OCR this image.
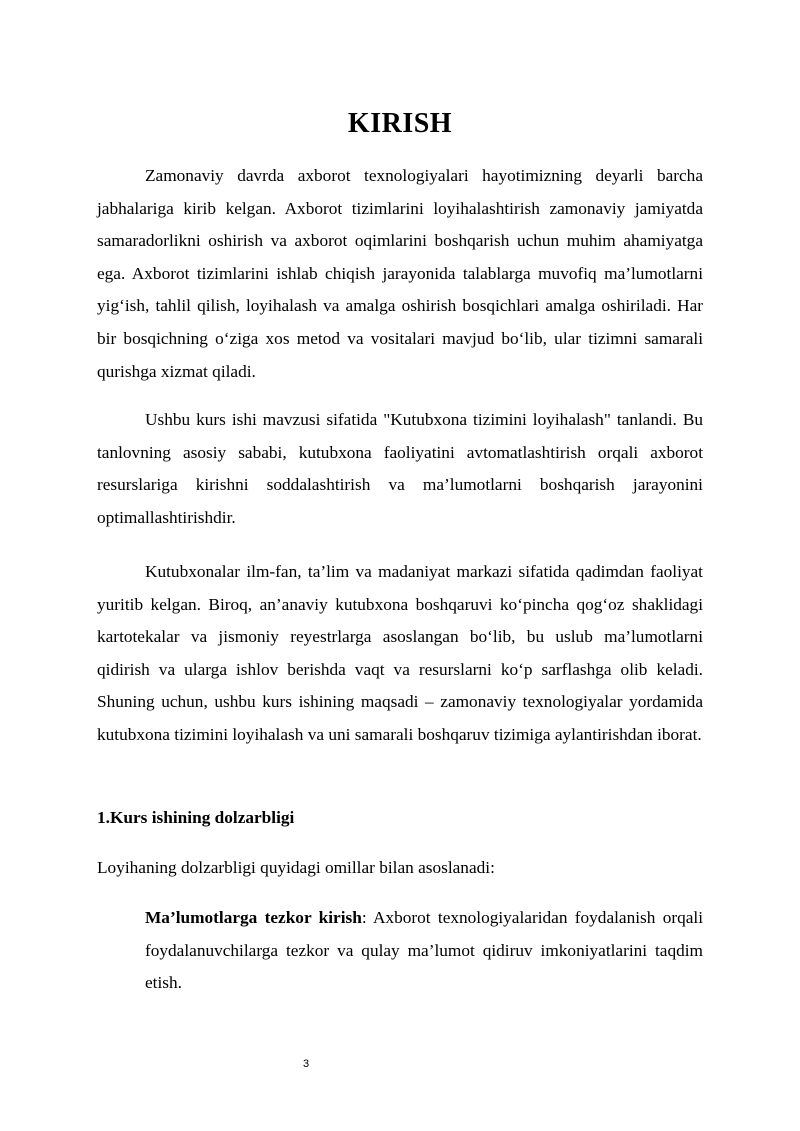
KIRISH

Zamonaviy davrda axborot texnologiyalari hayotimizning deyarli barcha jabhalariga kirib kelgan. Axborot tizimlarini loyihalashtirish zamonaviy jamiyatda samaradorlikni oshirish va axborot oqimlarini boshqarish uchun muhim ahamiyatga ega. Axborot tizimlarini ishlab chiqish jarayonida talablarga muvofiq ma’lumotlarni yig‘ish, tahlil qilish, loyihalash va amalga oshirish bosqichlari amalga oshiriladi. Har bir bosqichning o‘ziga xos metod va vositalari mavjud bo‘lib, ular tizimni samarali qurishga xizmat qiladi.

Ushbu kurs ishi mavzusi sifatida "Kutubxona tizimini loyihalash" tanlandi. Bu tanlovning asosiy sababi, kutubxona faoliyatini avtomatlashtirish orqali axborot resurslariga kirishni soddalashtirish va ma’lumotlarni boshqarish jarayonini optimallashtirishdir.

Kutubxonalar ilm-fan, ta’lim va madaniyat markazi sifatida qadimdan faoliyat yuritib kelgan. Biroq, an’anaviy kutubxona boshqaruvi ko‘pincha qog‘oz shaklidagi kartotekalar va jismoniy reyestrlarga asoslangan bo‘lib, bu uslub ma’lumotlarni qidirish va ularga ishlov berishda vaqt va resurslarni ko‘p sarflashga olib keladi. Shuning uchun, ushbu kurs ishining maqsadi – zamonaviy texnologiyalar yordamida kutubxona tizimini loyihalash va uni samarali boshqaruv tizimiga aylantirishdan iborat.

1.Kurs ishining dolzarbligi
Loyihaning dolzarbligi quyidagi omillar bilan asoslanadi:

Ma’lumotlarga tezkor kirish: Axborot texnologiyalaridan foydalanish orqali foydalanuvchilarga tezkor va qulay ma’lumot qidiruv imkoniyatlarini taqdim etish.

3
